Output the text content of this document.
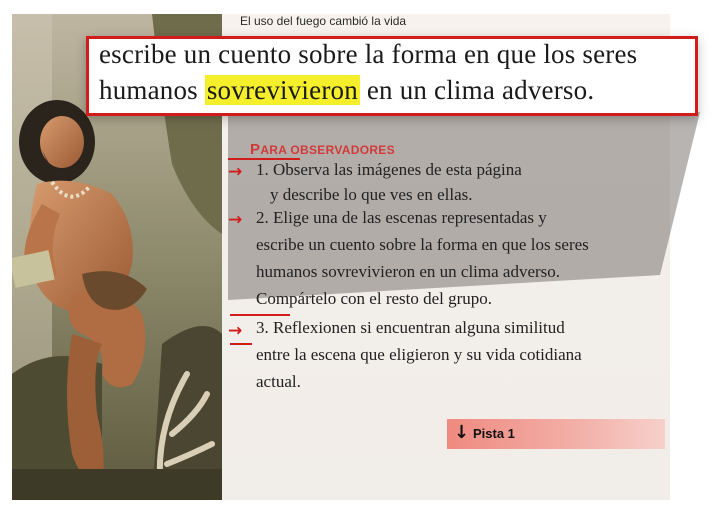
El uso del fuego cambió la vida
escribe un cuento sobre la forma en que los seres
humanos sovrevivieron en un clima adverso.
PARA OBSERVADORES
→ 1. Observa las imágenes de esta página
y describe lo que ves en ellas.
→ 2. Elige una de las escenas representadas y
escribe un cuento sobre la forma en que los seres
humanos sovrevivieron en un clima adverso.
Compártelo con el resto del grupo.
→ 3. Reflexionen si encuentran alguna similitud
entre la escena que eligieron y su vida cotidiana
actual.
↓ Pista 1
